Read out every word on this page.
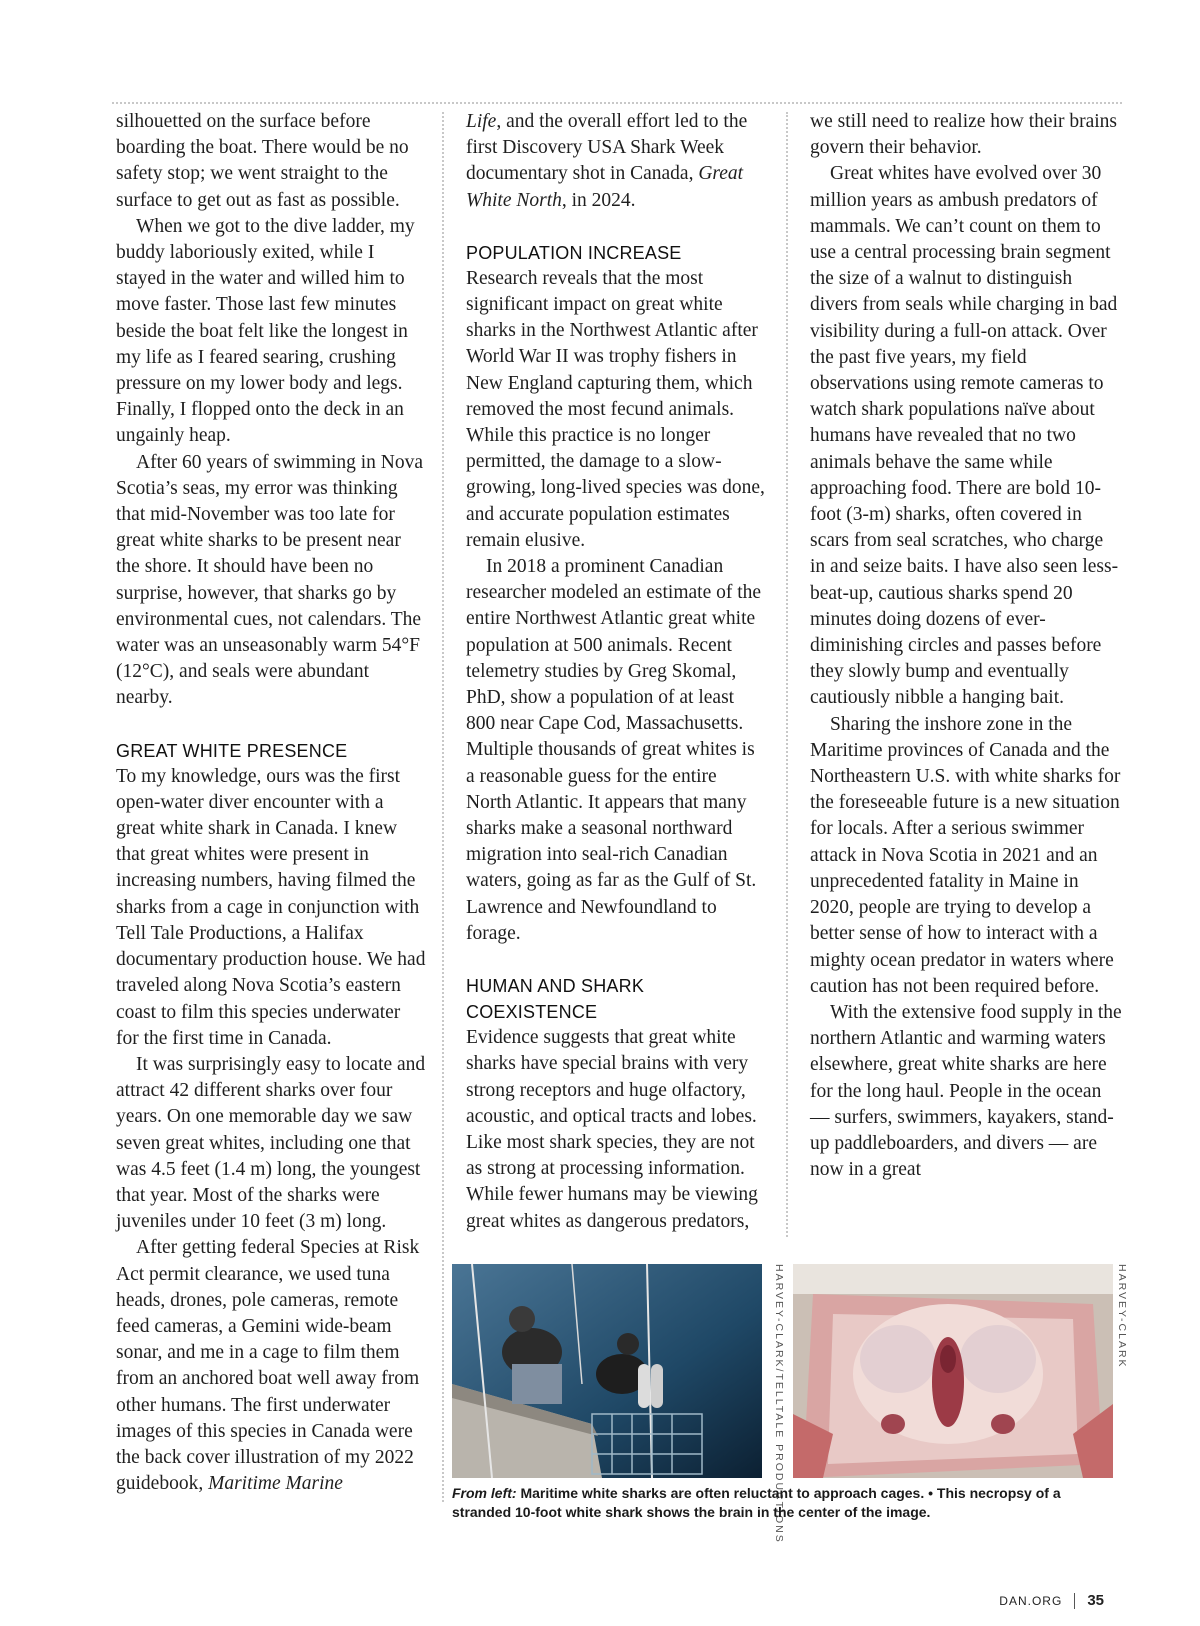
silhouetted on the surface before boarding the boat. There would be no safety stop; we went straight to the surface to get out as fast as possible.

When we got to the dive ladder, my buddy laboriously exited, while I stayed in the water and willed him to move faster. Those last few minutes beside the boat felt like the longest in my life as I feared searing, crushing pressure on my lower body and legs. Finally, I flopped onto the deck in an ungainly heap.

After 60 years of swimming in Nova Scotia’s seas, my error was thinking that mid-November was too late for great white sharks to be present near the shore. It should have been no surprise, however, that sharks go by environmental cues, not calendars. The water was an unseasonably warm 54°F (12°C), and seals were abundant nearby.

GREAT WHITE PRESENCE

To my knowledge, ours was the first open-water diver encounter with a great white shark in Canada. I knew that great whites were present in increasing numbers, having filmed the sharks from a cage in conjunction with Tell Tale Productions, a Halifax documentary production house. We had traveled along Nova Scotia’s eastern coast to film this species underwater for the first time in Canada.

It was surprisingly easy to locate and attract 42 different sharks over four years. On one memorable day we saw seven great whites, including one that was 4.5 feet (1.4 m) long, the youngest that year. Most of the sharks were juveniles under 10 feet (3 m) long.

After getting federal Species at Risk Act permit clearance, we used tuna heads, drones, pole cameras, remote feed cameras, a Gemini wide-beam sonar, and me in a cage to film them from an anchored boat well away from other humans. The first underwater images of this species in Canada were the back cover illustration of my 2022 guidebook, Maritime Marine

Life, and the overall effort led to the first Discovery USA Shark Week documentary shot in Canada, Great White North, in 2024.

POPULATION INCREASE

Research reveals that the most significant impact on great white sharks in the Northwest Atlantic after World War II was trophy fishers in New England capturing them, which removed the most fecund animals. While this practice is no longer permitted, the damage to a slow-growing, long-lived species was done, and accurate population estimates remain elusive.

In 2018 a prominent Canadian researcher modeled an estimate of the entire Northwest Atlantic great white population at 500 animals. Recent telemetry studies by Greg Skomal, PhD, show a population of at least 800 near Cape Cod, Massachusetts. Multiple thousands of great whites is a reasonable guess for the entire North Atlantic. It appears that many sharks make a seasonal northward migration into seal-rich Canadian waters, going as far as the Gulf of St. Lawrence and Newfoundland to forage.

HUMAN AND SHARK COEXISTENCE

Evidence suggests that great white sharks have special brains with very strong receptors and huge olfactory, acoustic, and optical tracts and lobes. Like most shark species, they are not as strong at processing information. While fewer humans may be viewing great whites as dangerous predators,

we still need to realize how their brains govern their behavior.

Great whites have evolved over 30 million years as ambush predators of mammals. We can’t count on them to use a central processing brain segment the size of a walnut to distinguish divers from seals while charging in bad visibility during a full-on attack. Over the past five years, my field observations using remote cameras to watch shark populations naïve about humans have revealed that no two animals behave the same while approaching food. There are bold 10-foot (3-m) sharks, often covered in scars from seal scratches, who charge in and seize baits. I have also seen less-beat-up, cautious sharks spend 20 minutes doing dozens of ever-diminishing circles and passes before they slowly bump and eventually cautiously nibble a hanging bait.

Sharing the inshore zone in the Maritime provinces of Canada and the Northeastern U.S. with white sharks for the foreseeable future is a new situation for locals. After a serious swimmer attack in Nova Scotia in 2021 and an unprecedented fatality in Maine in 2020, people are trying to develop a better sense of how to interact with a mighty ocean predator in waters where caution has not been required before.

With the extensive food supply in the northern Atlantic and warming waters elsewhere, great white sharks are here for the long haul. People in the ocean — surfers, swimmers, kayakers, stand-up paddleboarders, and divers — are now in a great

HARVEY-CLARK/TELLTALE PRODUCTIONS	HARVEY-CLARK
From left: Maritime white sharks are often reluctant to approach cages. • This necropsy of a stranded 10-foot white shark shows the brain in the center of the image.
DAN.ORG 35
